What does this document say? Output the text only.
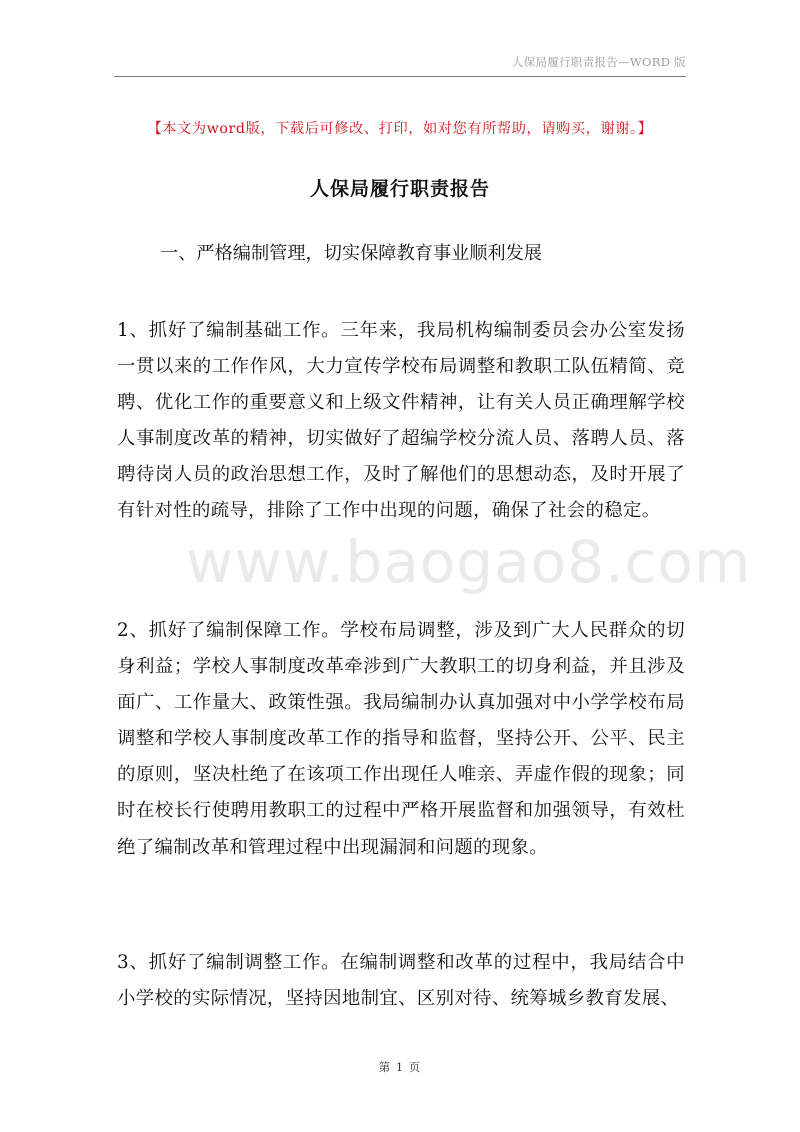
人保局履行职责报告—WORD 版
【本文为word版，下载后可修改、打印，如对您有所帮助，请购买，谢谢。】
人保局履行职责报告
一、严格编制管理，切实保障教育事业顺利发展

1、抓好了编制基础工作。三年来，我局机构编制委员会办公室发扬一贯以来的工作作风，大力宣传学校布局调整和教职工队伍精简、竞聘、优化工作的重要意义和上级文件精神，让有关人员正确理解学校人事制度改革的精神，切实做好了超编学校分流人员、落聘人员、落聘待岗人员的政治思想工作，及时了解他们的思想动态，及时开展了有针对性的疏导，排除了工作中出现的问题，确保了社会的稳定。

www.baogao8.com

2、抓好了编制保障工作。学校布局调整，涉及到广大人民群众的切身利益；学校人事制度改革牵涉到广大教职工的切身利益，并且涉及面广、工作量大、政策性强。我局编制办认真加强对中小学学校布局调整和学校人事制度改革工作的指导和监督，坚持公开、公平、民主的原则，坚决杜绝了在该项工作出现任人唯亲、弄虚作假的现象；同时在校长行使聘用教职工的过程中严格开展监督和加强领导，有效杜绝了编制改革和管理过程中出现漏洞和问题的现象。

3、抓好了编制调整工作。在编制调整和改革的过程中，我局结合中小学校的实际情况，坚持因地制宜、区别对待、统筹城乡教育发展、

第 1 页
